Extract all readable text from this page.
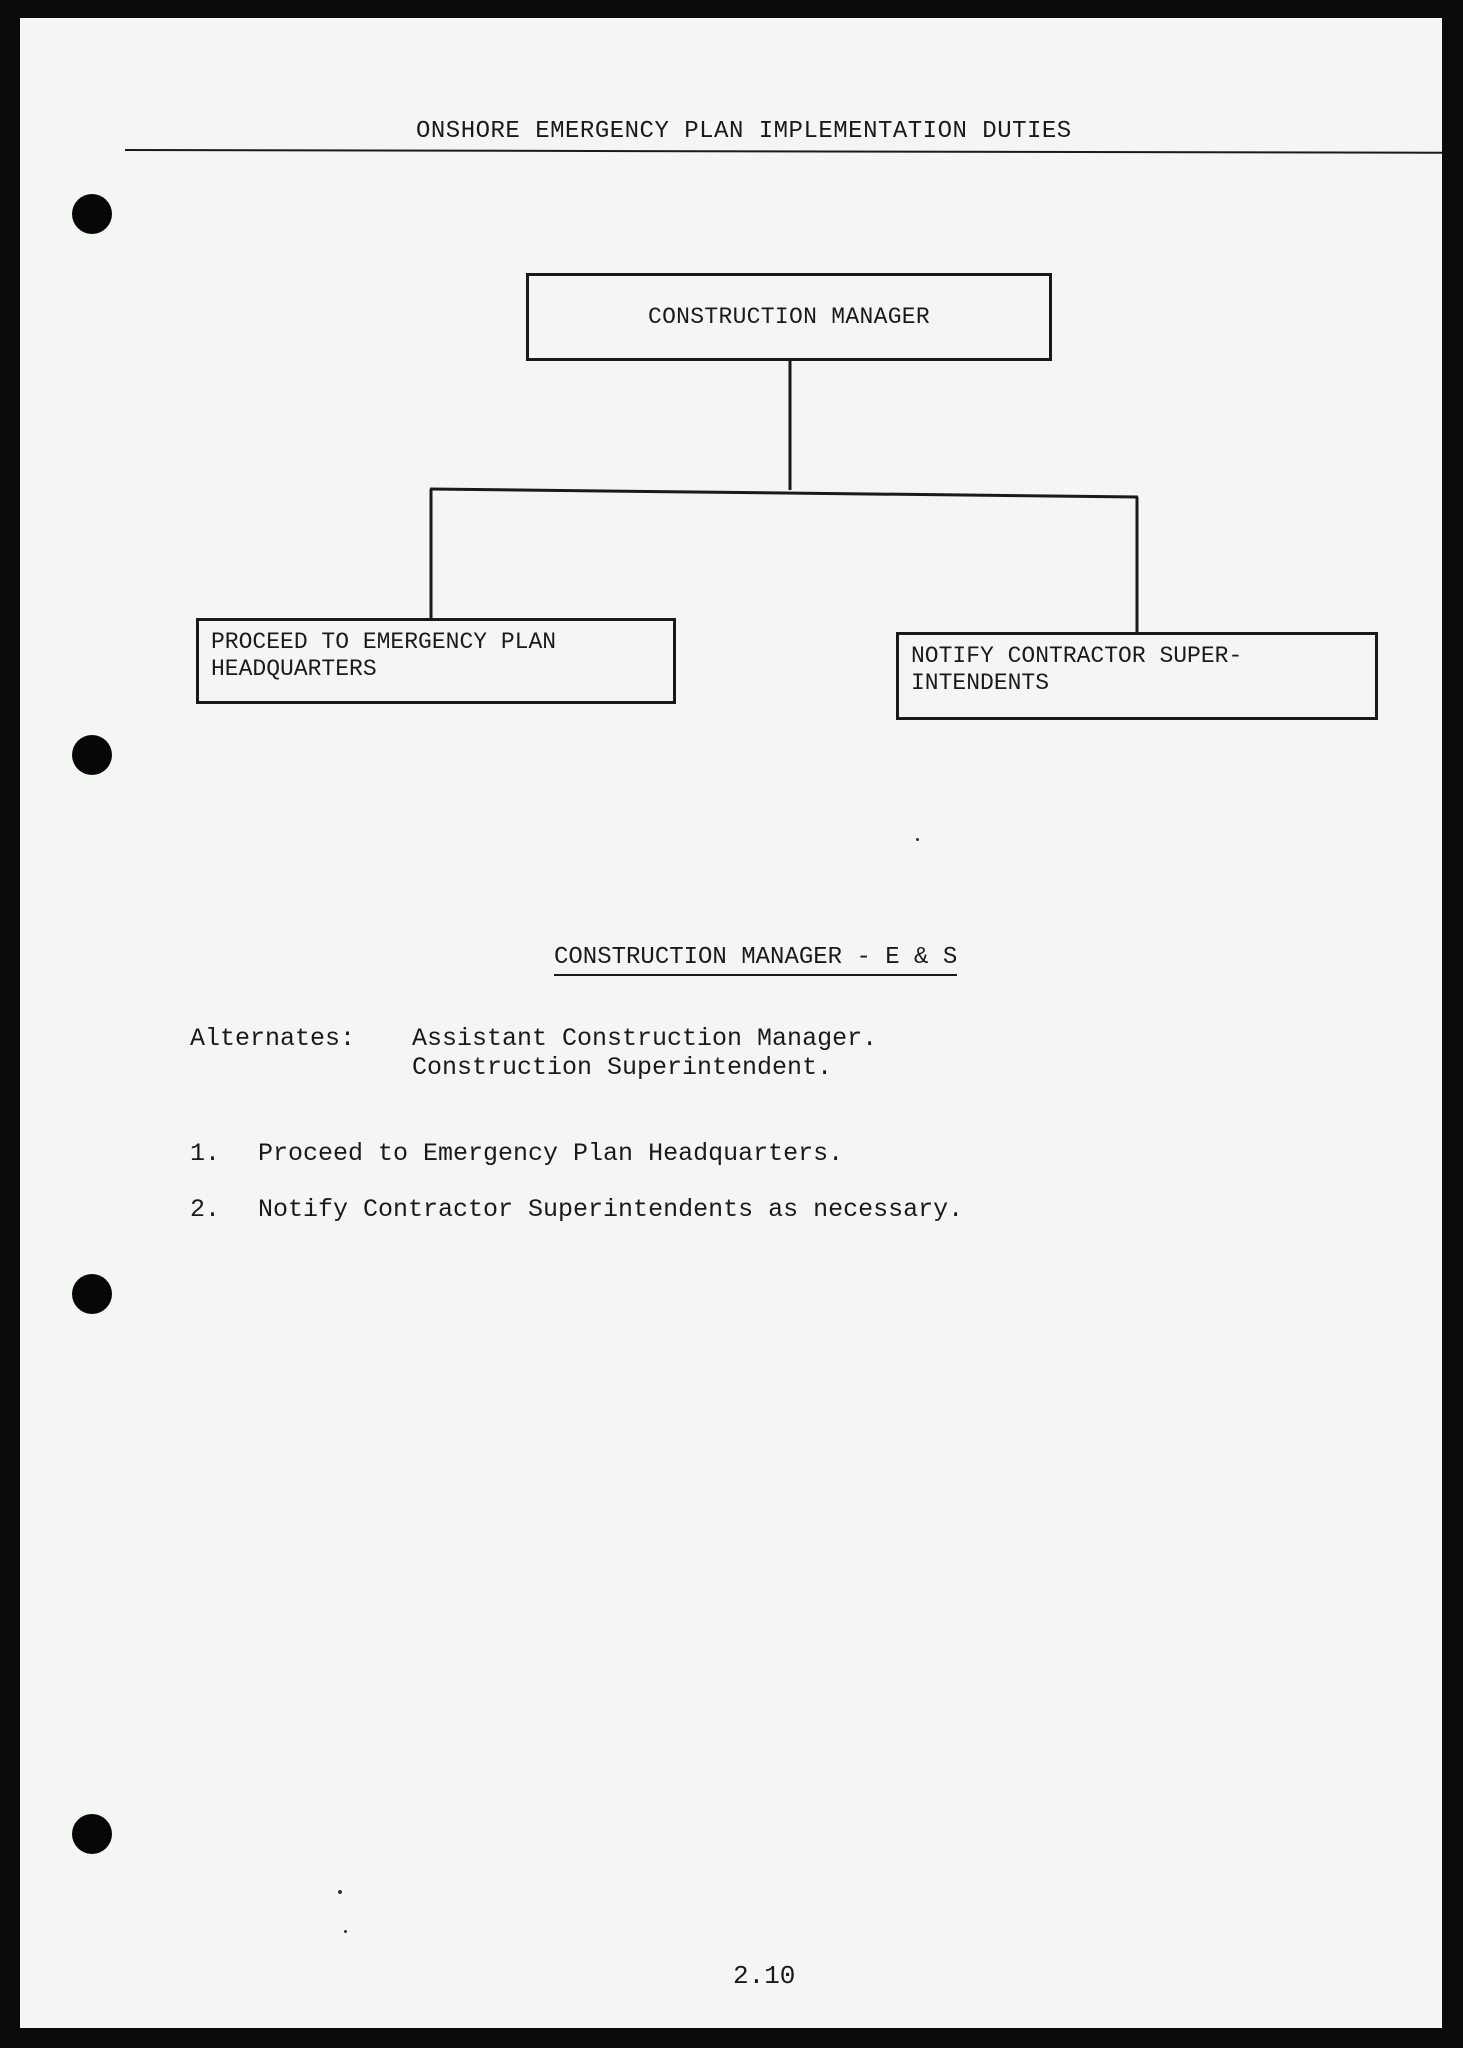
ONSHORE EMERGENCY PLAN IMPLEMENTATION DUTIES
CONSTRUCTION MANAGER
PROCEED TO EMERGENCY PLAN
HEADQUARTERS	NOTIFY CONTRACTOR SUPER-
INTENDENTS
CONSTRUCTION MANAGER - E & S
Alternates: Assistant Construction Manager.
Construction Superintendent.
1. Proceed to Emergency Plan Headquarters.
2. Notify Contractor Superintendents as necessary.
2.10
